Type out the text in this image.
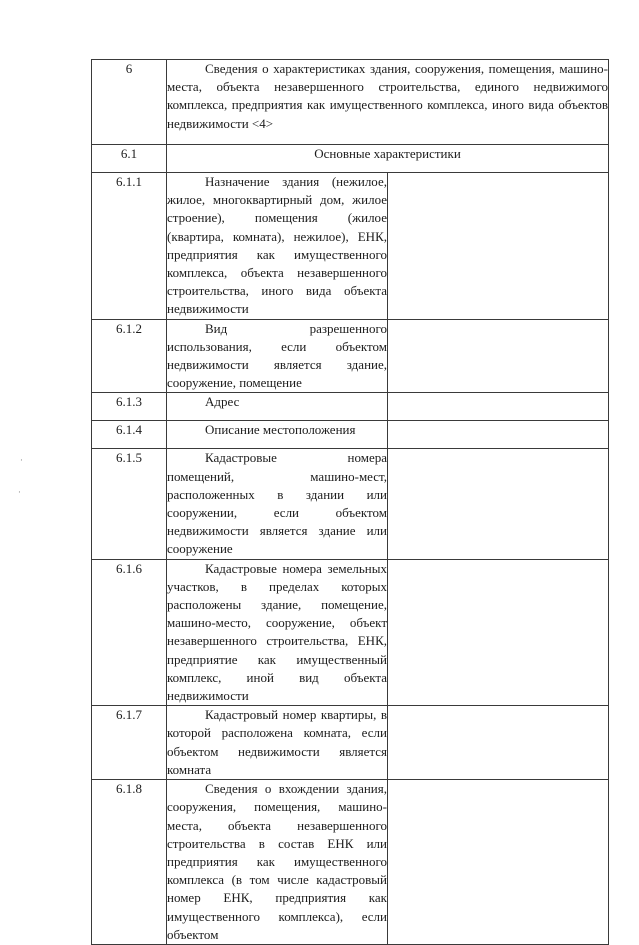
6	Сведения о характеристиках здания, сооружения, помещения, машино-места, объекта незавершенного строительства, единого недвижимого комплекса, предприятия как имущественного комплекса, иного вида объектов недвижимости <4>	
6.1	Основные характеристики	
6.1.1	Назначение здания (нежилое, жилое, многоквартирный дом, жилое строение), помещения (жилое (квартира, комната), нежилое), ЕНК, предприятия как имущественного комплекса, объекта незавершенного строительства, иного вида объекта недвижимости	
6.1.2	Вид разрешенного использования, если объектом недвижимости является здание, сооружение, помещение	
6.1.3	Адрес	
6.1.4	Описание местоположения	
6.1.5	Кадастровые номера помещений, машино-мест, расположенных в здании или сооружении, если объектом недвижимости является здание или сооружение	
6.1.6	Кадастровые номера земельных участков, в пределах которых расположены здание, помещение, машино-место, сооружение, объект незавершенного строительства, ЕНК, предприятие как имущественный комплекс, иной вид объекта недвижимости	
6.1.7	Кадастровый номер квартиры, в которой расположена комната, если объектом недвижимости является комната	
6.1.8	Сведения о вхождении здания, сооружения, помещения, машино-места, объекта незавершенного строительства в состав ЕНК или предприятия как имущественного комплекса (в том числе кадастровый номер ЕНК, предприятия как имущественного комплекса), если объектом	
·
·
